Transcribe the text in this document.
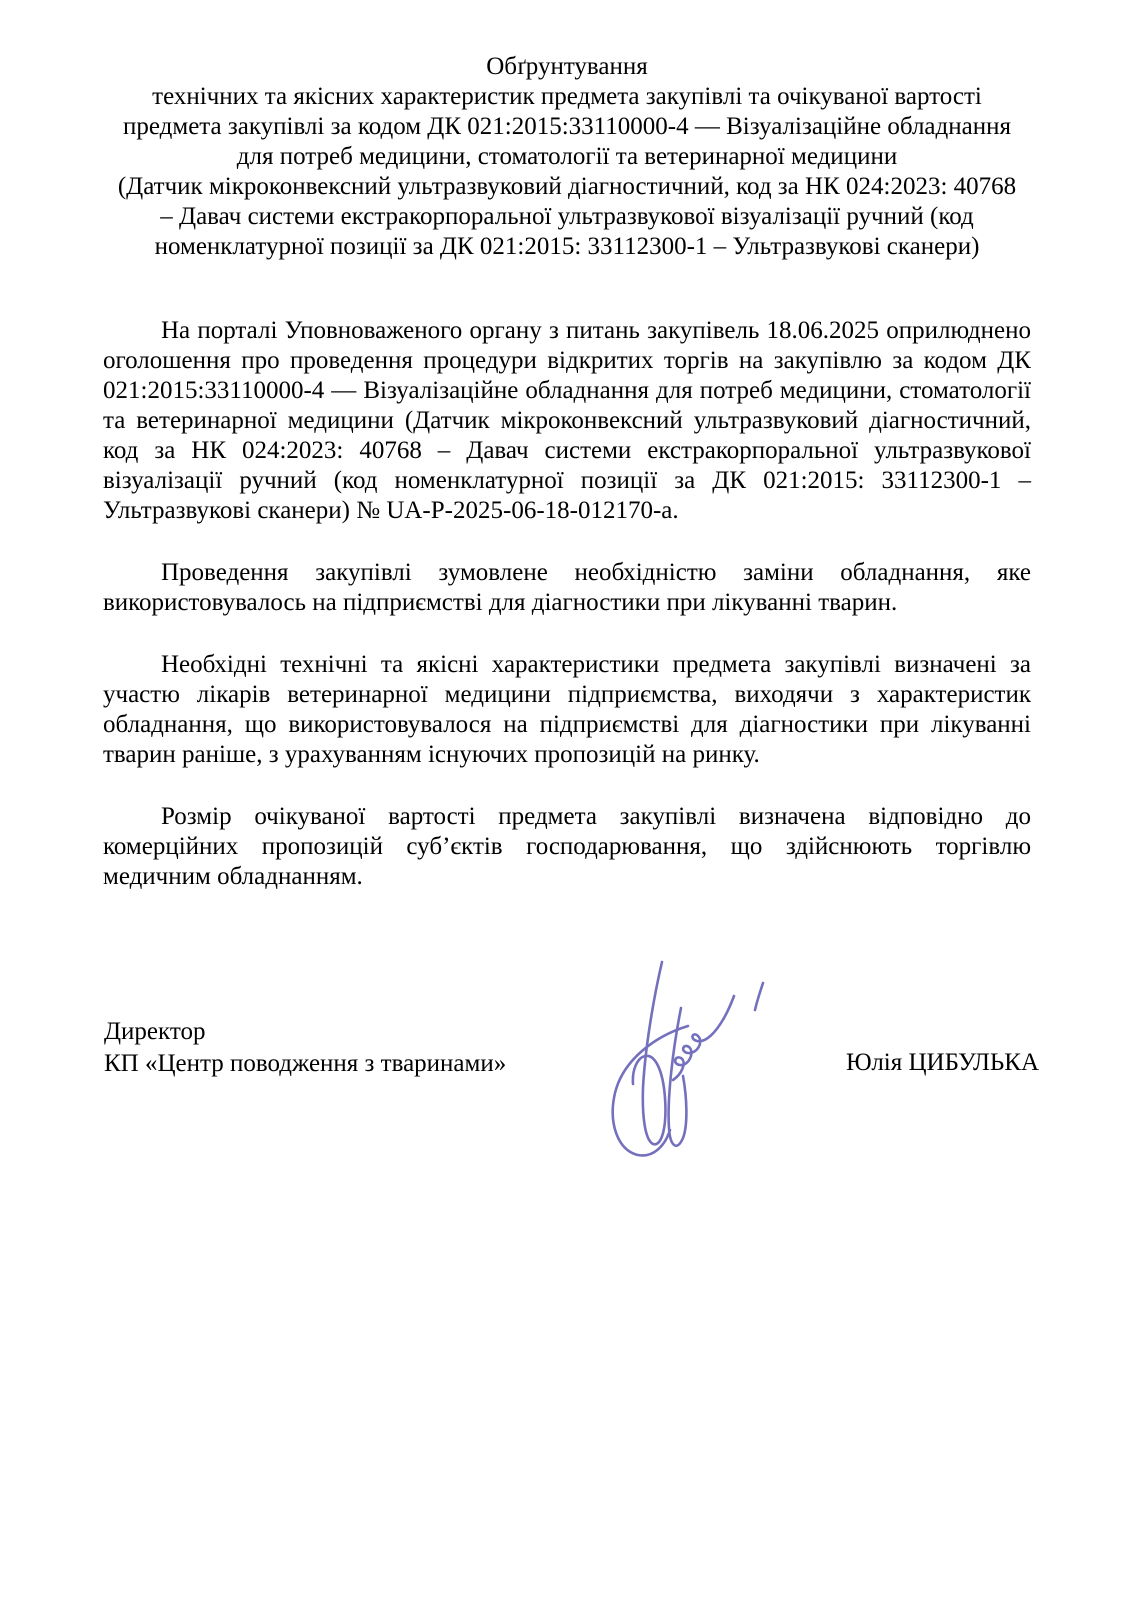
Обґрунтування
технічних та якісних характеристик предмета закупівлі та очікуваної вартості
предмета закупівлі за кодом ДК 021:2015:33110000-4 — Візуалізаційне обладнання
для потреб медицини, стоматології та ветеринарної медицини
(Датчик мікроконвексний ультразвуковий діагностичний, код за НК 024:2023: 40768
– Давач системи екстракорпоральної ультразвукової візуалізації ручний (код
номенклатурної позиції за ДК 021:2015: 33112300-1 – Ультразвукові сканери)

На порталі Уповноваженого органу з питань закупівель 18.06.2025 оприлюднено оголошення про проведення процедури відкритих торгів на закупівлю за кодом ДК 021:2015:33110000-4 — Візуалізаційне обладнання для потреб медицини, стоматології та ветеринарної медицини (Датчик мікроконвексний ультразвуковий діагностичний, код за НК 024:2023: 40768 – Давач системи екстракорпоральної ультразвукової візуалізації ручний (код номенклатурної позиції за ДК 021:2015: 33112300-1 – Ультразвукові сканери) № UA-P-2025-06-18-012170-а.

Проведення закупівлі зумовлене необхідністю заміни обладнання, яке використовувалось на підприємстві для діагностики при лікуванні тварин.

Необхідні технічні та якісні характеристики предмета закупівлі визначені за участю лікарів ветеринарної медицини підприємства, виходячи з характеристик обладнання, що використовувалося на підприємстві для діагностики при лікуванні тварин раніше, з урахуванням існуючих пропозицій на ринку.

Розмір очікуваної вартості предмета закупівлі визначена відповідно до комерційних пропозицій суб’єктів господарювання, що здійснюють торгівлю медичним обладнанням.

Директор
КП «Центр поводження з тваринами»	Юлія ЦИБУЛЬКА
